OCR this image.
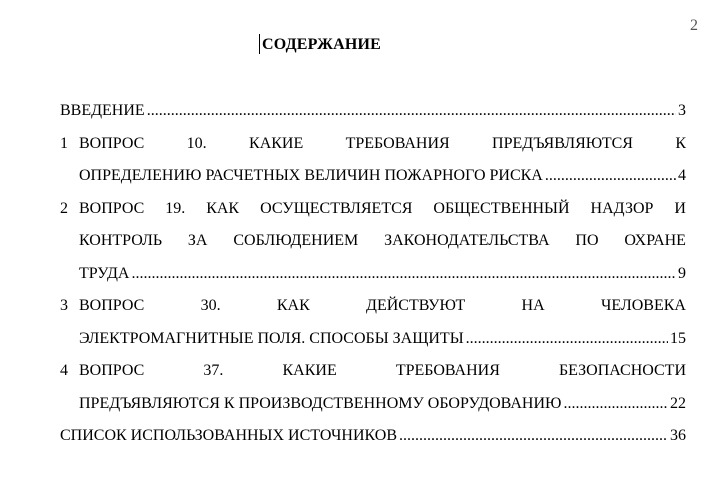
2
СОДЕРЖАНИЕ
ВВЕДЕНИЕ .....	3
1 ВОПРОС	10.	КАКИЕ	ТРЕБОВАНИЯ	ПРЕДЪЯВЛЯЮТСЯ	К
ОПРЕДЕЛЕНИЮ РАСЧЕТНЫХ ВЕЛИЧИН ПОЖАРНОГО РИСКА .....	4
2 ВОПРОС 19. КАК ОСУЩЕСТВЛЯЕТСЯ ОБЩЕСТВЕННЫЙ НАДЗОР И
КОНТРОЛЬ ЗА СОБЛЮДЕНИЕМ ЗАКОНОДАТЕЛЬСТВА ПО ОХРАНЕ
ТРУДА .....	9
3 ВОПРОС	30.	КАК	ДЕЙСТВУЮТ	НА	ЧЕЛОВЕКА
ЭЛЕКТРОМАГНИТНЫЕ ПОЛЯ. СПОСОБЫ ЗАЩИТЫ .....	15
4 ВОПРОС	37.	КАКИЕ	ТРЕБОВАНИЯ	БЕЗОПАСНОСТИ
ПРЕДЪЯВЛЯЮТСЯ К ПРОИЗВОДСТВЕННОМУ ОБОРУДОВАНИЮ .....	22
СПИСОК ИСПОЛЬЗОВАННЫХ ИСТОЧНИКОВ .....	36
